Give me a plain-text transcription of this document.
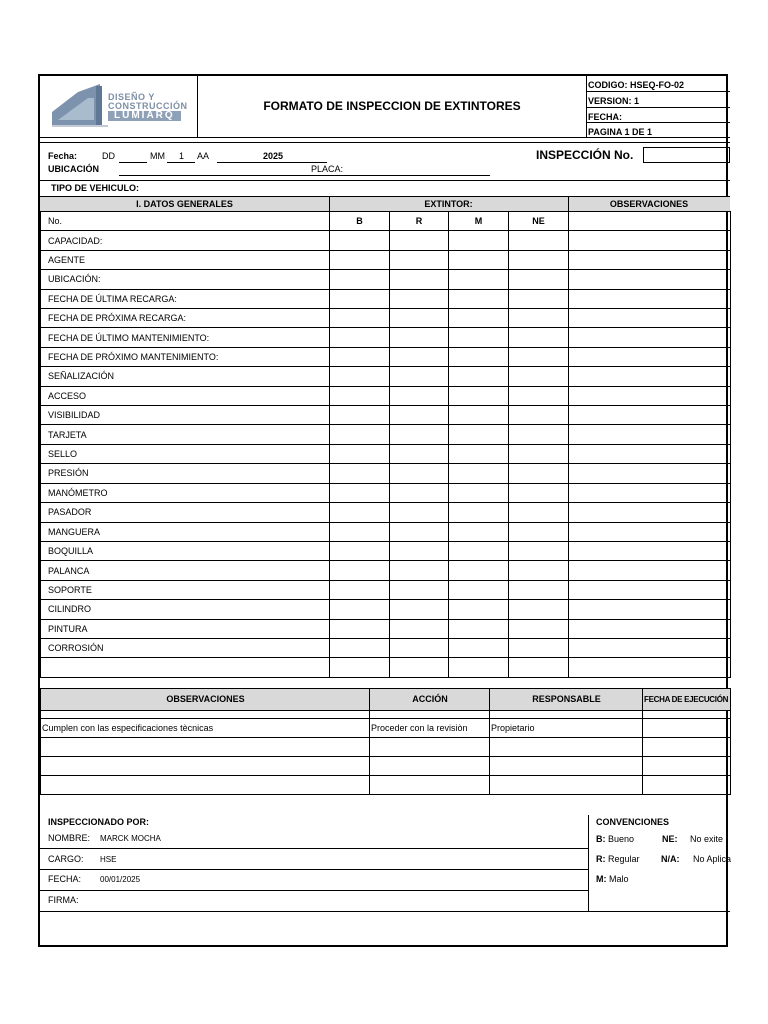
DISEÑO Y
CONSTRUCCIÓN
LUMIARQ
FORMATO DE INSPECCION DE EXTINTORES
CODIGO: HSEQ-FO-02
VERSION: 1
FECHA:
PAGINA 1 DE 1
Fecha:	DD	MM 1 AA	2025
UBICACIÓN	PLACA:
INSPECCIÓN No.
TIPO DE VEHICULO:
I. DATOS GENERALES	EXTINTOR:	OBSERVACIONES
No.	B	R	M	NE	
CAPACIDAD:					
AGENTE					
UBICACIÓN:					
FECHA DE ÚLTIMA RECARGA:					
FECHA DE PRÓXIMA RECARGA:					
FECHA DE ÚLTIMO MANTENIMIENTO:					
FECHA DE PRÓXIMO MANTENIMIENTO:					
SEÑALIZACIÓN					
ACCESO					
VISIBILIDAD					
TARJETA					
SELLO					
PRESIÓN					
MANÓMETRO					
PASADOR					
MANGUERA					
BOQUILLA					
PALANCA					
SOPORTE					
CILINDRO					
PINTURA					
CORROSIÓN					

OBSERVACIONES	ACCIÓN	RESPONSABLE	FECHA DE EJECUCIÓN

Cumplen con las especificaciones tècnicas	Proceder con la revisiòn	Propietario	

INSPECCIONADO POR:
NOMBRE: MARCK MOCHA
CARGO: HSE
FECHA: 00/01/2025
FIRMA:
CONVENCIONES
B: Bueno	NE: No exite
R: Regular N/A: No Aplica
M: Malo
